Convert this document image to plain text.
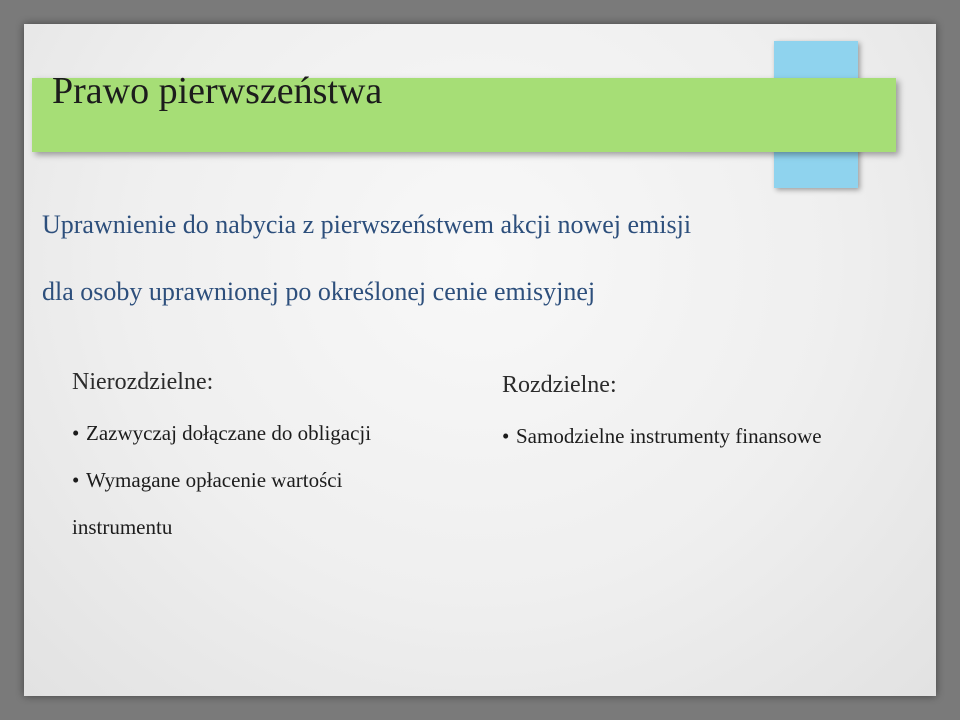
Prawo pierwszeństwa
Uprawnienie do nabycia z pierwszeństwem akcji nowej emisji
dla osoby uprawnionej po określonej cenie emisyjnej
Nierozdzielne:
• Zazwyczaj dołączane do obligacji
• Wymagane opłacenie wartości
instrumentu
Rozdzielne:
• Samodzielne instrumenty finansowe
